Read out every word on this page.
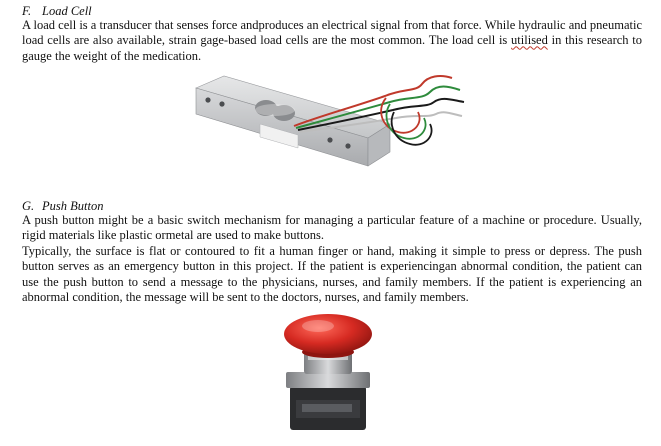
F. Load Cell

A load cell is a transducer that senses force andproduces an electrical signal from that force. While hydraulic and pneumatic load cells are also available, strain gage-based load cells are the most common. The load cell is utilised in this research to gauge the weight of the medication.

G. Push Button

A push button might be a basic switch mechanism for managing a particular feature of a machine or procedure. Usually, rigid materials like plastic ormetal are used to make buttons.

Typically, the surface is flat or contoured to fit a human finger or hand, making it simple to press or depress. The push button serves as an emergency button in this project. If the patient is experiencingan abnormal condition, the patient can use the push button to send a message to the physicians, nurses, and family members. If the patient is experiencing an abnormal condition, the message will be sent to the doctors, nurses, and family members.
